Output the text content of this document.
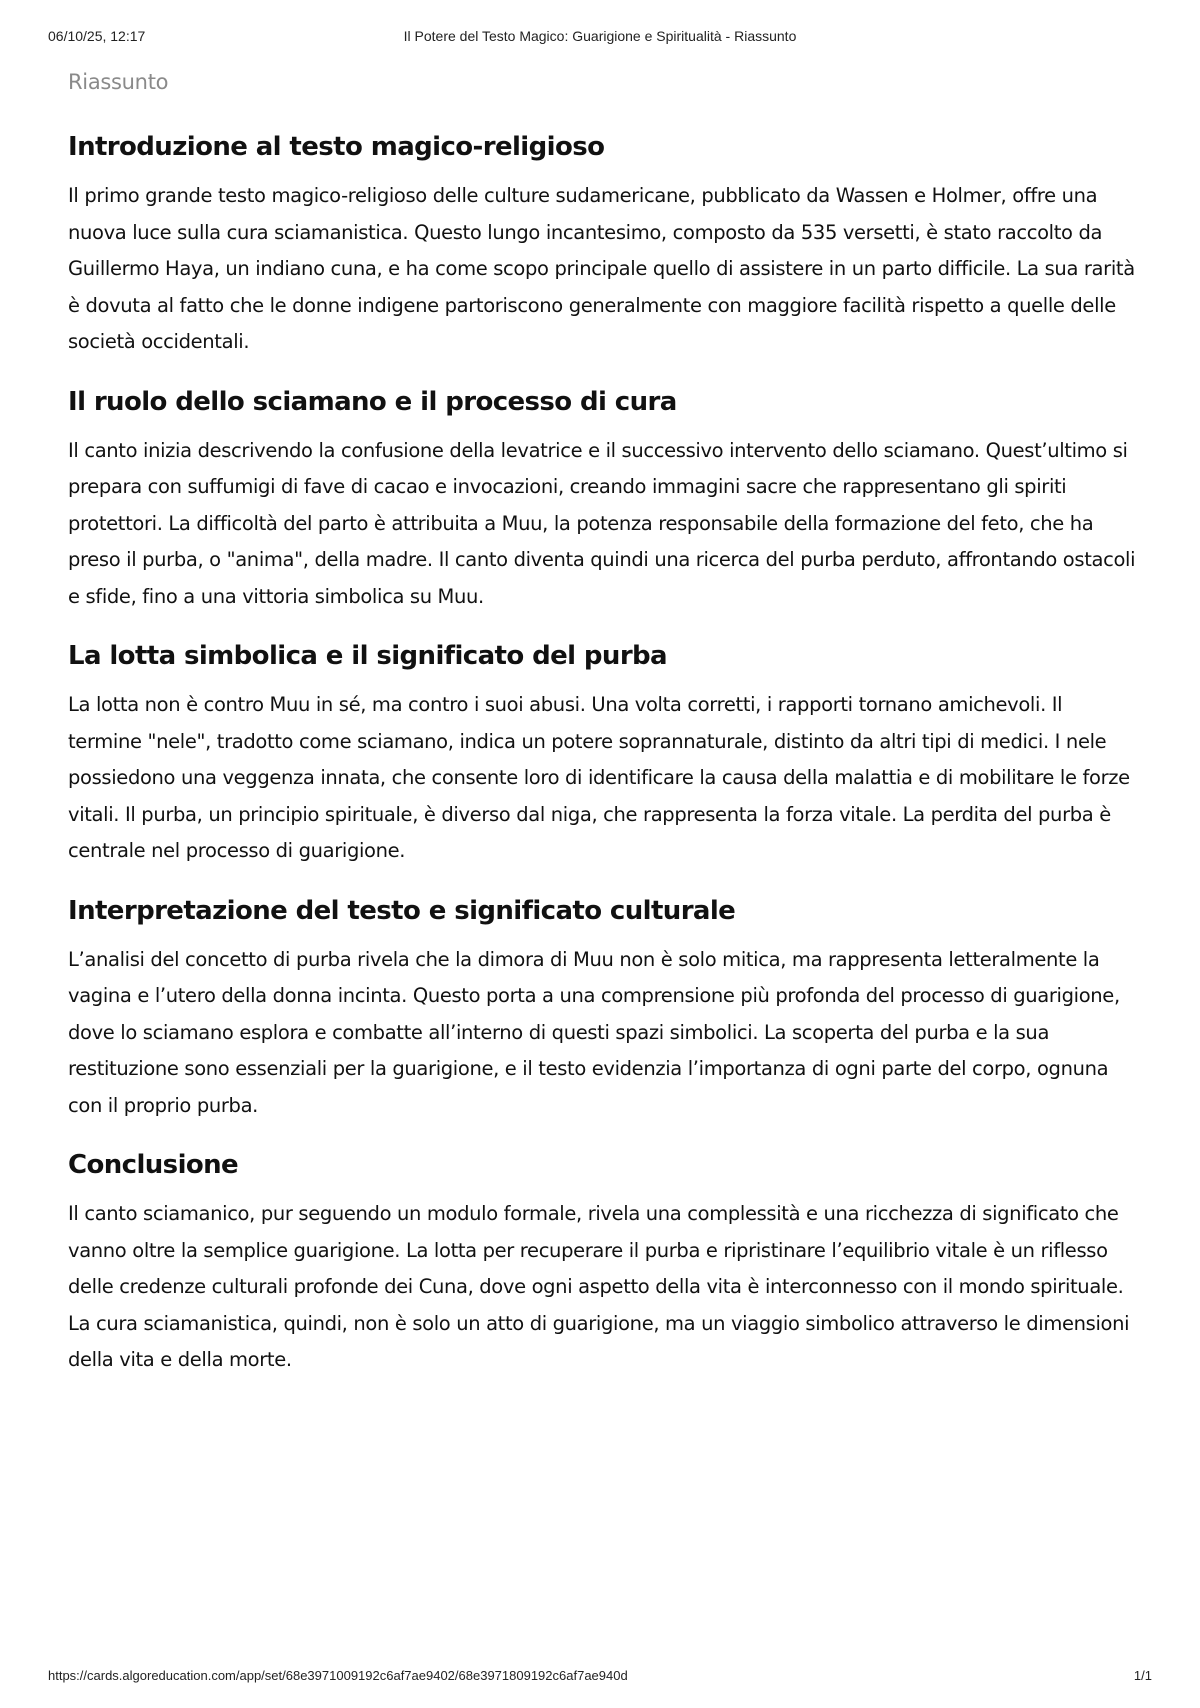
06/10/25, 12:17	Il Potere del Testo Magico: Guarigione e Spiritualità - Riassunto
Riassunto
Introduzione al testo magico-religioso

Il primo grande testo magico-religioso delle culture sudamericane, pubblicato da Wassen e Holmer, offre una nuova luce sulla cura sciamanistica. Questo lungo incantesimo, composto da 535 versetti, è stato raccolto da Guillermo Haya, un indiano cuna, e ha come scopo principale quello di assistere in un parto difficile. La sua rarità è dovuta al fatto che le donne indigene partoriscono generalmente con maggiore facilità rispetto a quelle delle società occidentali.

Il ruolo dello sciamano e il processo di cura

Il canto inizia descrivendo la confusione della levatrice e il successivo intervento dello sciamano. Quest’ultimo si prepara con suffumigi di fave di cacao e invocazioni, creando immagini sacre che rappresentano gli spiriti protettori. La difficoltà del parto è attribuita a Muu, la potenza responsabile della formazione del feto, che ha preso il purba, o "anima", della madre. Il canto diventa quindi una ricerca del purba perduto, affrontando ostacoli e sfide, fino a una vittoria simbolica su Muu.

La lotta simbolica e il significato del purba

La lotta non è contro Muu in sé, ma contro i suoi abusi. Una volta corretti, i rapporti tornano amichevoli. Il termine "nele", tradotto come sciamano, indica un potere soprannaturale, distinto da altri tipi di medici. I nele possiedono una veggenza innata, che consente loro di identificare la causa della malattia e di mobilitare le forze vitali. Il purba, un principio spirituale, è diverso dal niga, che rappresenta la forza vitale. La perdita del purba è centrale nel processo di guarigione.

Interpretazione del testo e significato culturale

L’analisi del concetto di purba rivela che la dimora di Muu non è solo mitica, ma rappresenta letteralmente la vagina e l’utero della donna incinta. Questo porta a una comprensione più profonda del processo di guarigione, dove lo sciamano esplora e combatte all’interno di questi spazi simbolici. La scoperta del purba e la sua restituzione sono essenziali per la guarigione, e il testo evidenzia l’importanza di ogni parte del corpo, ognuna con il proprio purba.

Conclusione

Il canto sciamanico, pur seguendo un modulo formale, rivela una complessità e una ricchezza di significato che vanno oltre la semplice guarigione. La lotta per recuperare il purba e ripristinare l’equilibrio vitale è un riflesso delle credenze culturali profonde dei Cuna, dove ogni aspetto della vita è interconnesso con il mondo spirituale. La cura sciamanistica, quindi, non è solo un atto di guarigione, ma un viaggio simbolico attraverso le dimensioni della vita e della morte.

https://cards.algoreducation.com/app/set/68e3971009192c6af7ae9402/68e3971809192c6af7ae940d	1/1
